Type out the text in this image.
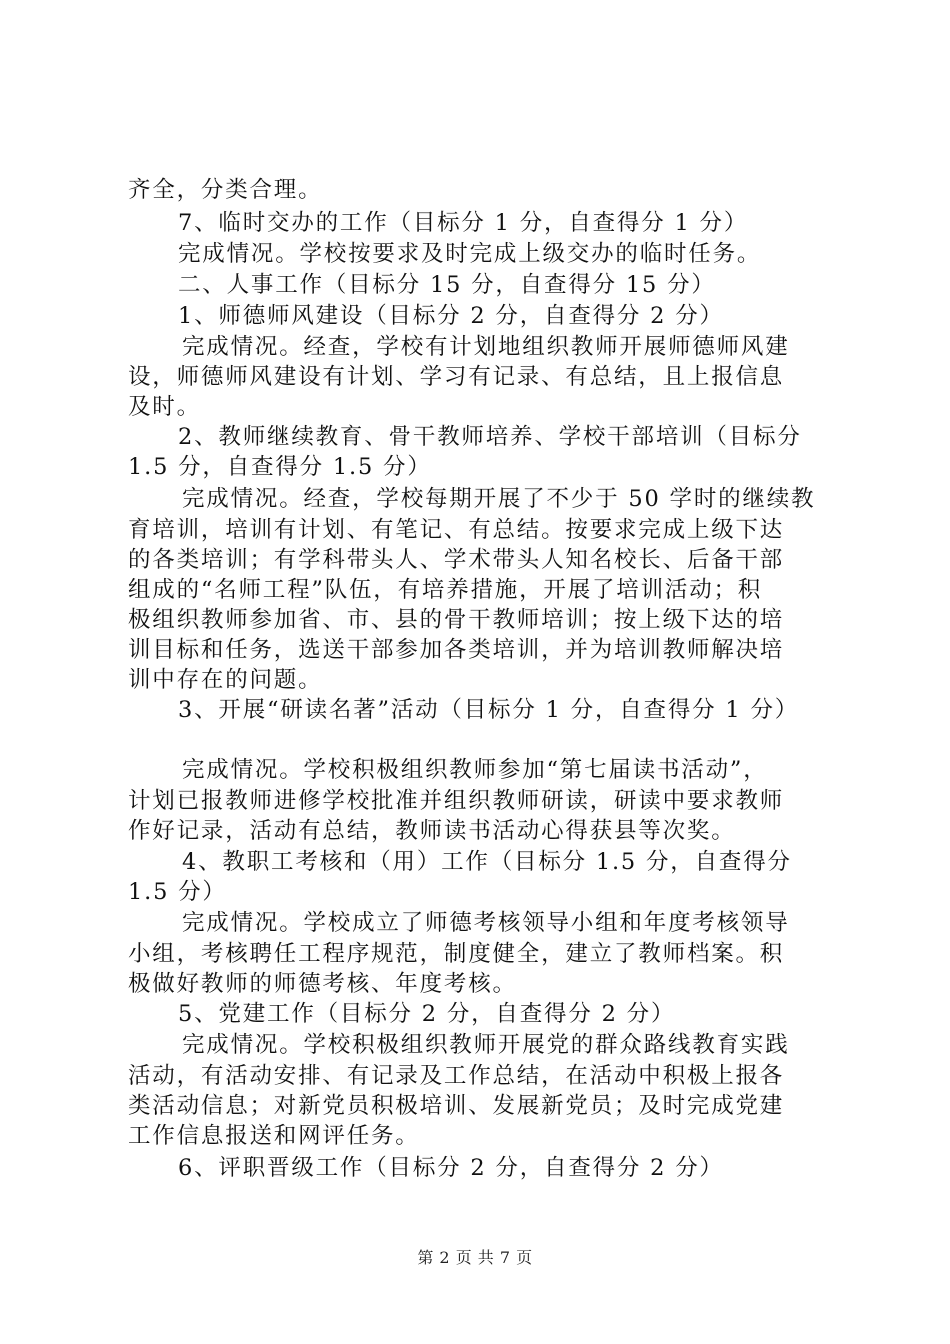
齐全，分类合理。
7、临时交办的工作（目标分 1 分，自查得分 1 分）
完成情况。学校按要求及时完成上级交办的临时任务。
二、人事工作（目标分 15 分，自查得分 15 分）
1、师德师风建设（目标分 2 分，自查得分 2 分）
完成情况。经查，学校有计划地组织教师开展师德师风建
设，师德师风建设有计划、学习有记录、有总结，且上报信息
及时。
2、教师继续教育、骨干教师培养、学校干部培训（目标分
1.5 分，自查得分 1.5 分）
完成情况。经查，学校每期开展了不少于 50 学时的继续教
育培训，培训有计划、有笔记、有总结。按要求完成上级下达
的各类培训；有学科带头人、学术带头人知名校长、后备干部
组成的“名师工程”队伍，有培养措施，开展了培训活动；积
极组织教师参加省、市、县的骨干教师培训；按上级下达的培
训目标和任务，选送干部参加各类培训，并为培训教师解决培
训中存在的问题。
3、开展“研读名著”活动（目标分 1 分，自查得分 1 分）
完成情况。学校积极组织教师参加“第七届读书活动”，
计划已报教师进修学校批准并组织教师研读，研读中要求教师
作好记录，活动有总结，教师读书活动心得获县等次奖。
4、教职工考核和（用）工作（目标分 1.5 分，自查得分
1.5 分）
完成情况。学校成立了师德考核领导小组和年度考核领导
小组，考核聘任工程序规范，制度健全，建立了教师档案。积
极做好教师的师德考核、年度考核。
5、党建工作（目标分 2 分，自查得分 2 分）
完成情况。学校积极组织教师开展党的群众路线教育实践
活动，有活动安排、有记录及工作总结，在活动中积极上报各
类活动信息；对新党员积极培训、发展新党员；及时完成党建
工作信息报送和网评任务。
6、评职晋级工作（目标分 2 分，自查得分 2 分）
第 2 页 共 7 页
